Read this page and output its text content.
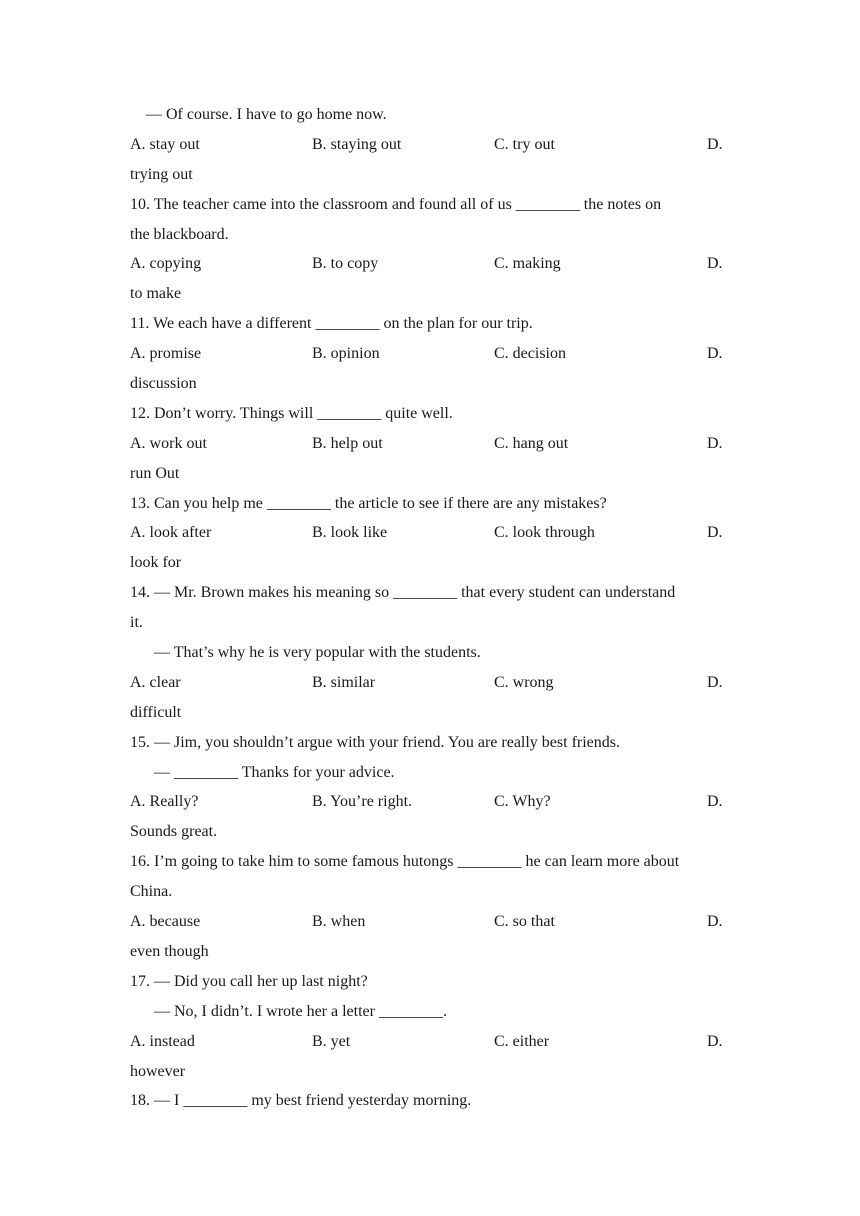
— Of course. I have to go home now.
A. stay out	B. staying out	C. try out	D.
trying out
10. The teacher came into the classroom and found all of us ________ the notes on
the blackboard.
A. copying	B. to copy	C. making	D.
to make
11. We each have a different ________ on the plan for our trip.
A. promise	B. opinion	C. decision	D.
discussion
12. Don’t worry. Things will ________ quite well.
A. work out	B. help out	C. hang out	D.
run Out
13. Can you help me ________ the article to see if there are any mistakes?
A. look after	B. look like	C. look through	D.
look for
14. — Mr. Brown makes his meaning so ________ that every student can understand
it.
— That’s why he is very popular with the students.
A. clear	B. similar	C. wrong	D.
difficult
15. — Jim, you shouldn’t argue with your friend. You are really best friends.
— ________ Thanks for your advice.
A. Really?	B. You’re right.	C. Why?	D.
Sounds great.
16. I’m going to take him to some famous hutongs ________ he can learn more about
China.
A. because	B. when	C. so that	D.
even though
17. — Did you call her up last night?
— No, I didn’t. I wrote her a letter ________.
A. instead	B. yet	C. either	D.
however
18. — I ________ my best friend yesterday morning.
